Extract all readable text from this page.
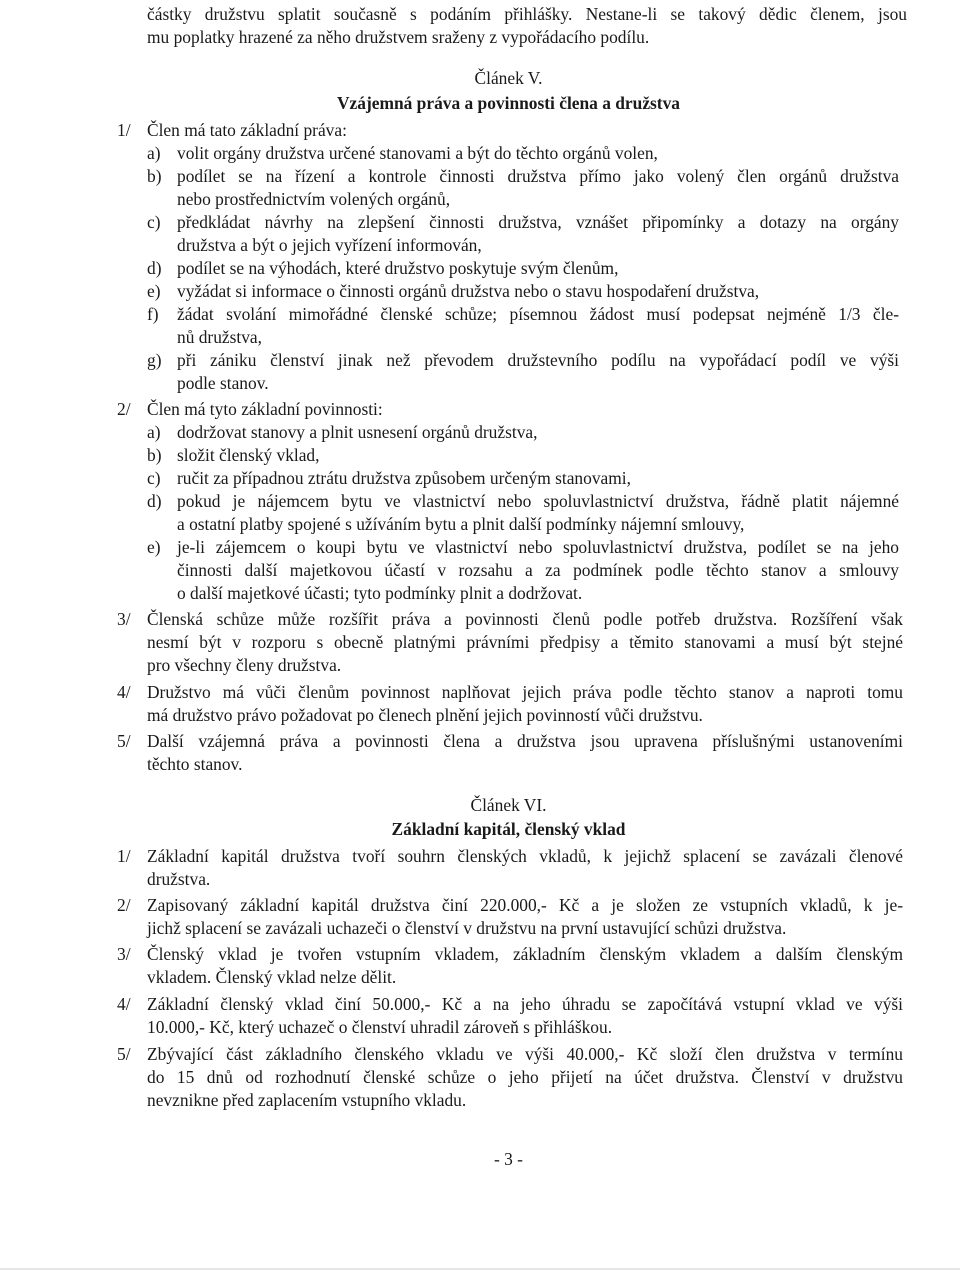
částky družstvu splatit současně s podáním přihlášky. Nestane-li se takový dědic členem, jsou
mu poplatky hrazené za něho družstvem sraženy z vypořádacího podílu.
Článek V.
Vzájemná práva a povinnosti člena a družstva
1/ Člen má tato základní práva:
a) volit orgány družstva určené stanovami a být do těchto orgánů volen,
b) podílet se na řízení a kontrole činnosti družstva přímo jako volený člen orgánů družstva
nebo prostřednictvím volených orgánů,
c) předkládat návrhy na zlepšení činnosti družstva, vznášet připomínky a dotazy na orgány
družstva a být o jejich vyřízení informován,
d) podílet se na výhodách, které družstvo poskytuje svým členům,
e) vyžádat si informace o činnosti orgánů družstva nebo o stavu hospodaření družstva,
f)	žádat svolání mimořádné členské schůze; písemnou žádost musí podepsat nejméně 1/3 čle-
nů družstva,
g) při zániku členství jinak než převodem družstevního podílu na vypořádací podíl ve výši
podle stanov.
2/ Člen má tyto základní povinnosti:
a) dodržovat stanovy a plnit usnesení orgánů družstva,
b) složit členský vklad,
c) ručit za případnou ztrátu družstva způsobem určeným stanovami,
d) pokud je nájemcem bytu ve vlastnictví nebo spoluvlastnictví družstva, řádně platit nájemné
a ostatní platby spojené s užíváním bytu a plnit další podmínky nájemní smlouvy,
e) je-li zájemcem o koupi bytu ve vlastnictví nebo spoluvlastnictví družstva, podílet se na jeho
činnosti další majetkovou účastí v rozsahu a za podmínek podle těchto stanov a smlouvy
o další majetkové účasti; tyto podmínky plnit a dodržovat.
3/ Členská schůze může rozšířit práva a povinnosti členů podle potřeb družstva. Rozšíření však
nesmí být v rozporu s obecně platnými právními předpisy a těmito stanovami a musí být stejné
pro všechny členy družstva.
4/ Družstvo má vůči členům povinnost naplňovat jejich práva podle těchto stanov a naproti tomu
má družstvo právo požadovat po členech plnění jejich povinností vůči družstvu.
5/ Další vzájemná práva a povinnosti člena a družstva jsou upravena příslušnými ustanoveními
těchto stanov.
Článek VI.
Základní kapitál, členský vklad
1/ Základní kapitál družstva tvoří souhrn členských vkladů, k jejichž splacení se zavázali členové
družstva.
2/ Zapisovaný základní kapitál družstva činí 220.000,- Kč a je složen ze vstupních vkladů, k je-
jichž splacení se zavázali uchazeči o členství v družstvu na první ustavující schůzi družstva.
3/ Členský vklad je tvořen vstupním vkladem, základním členským vkladem a dalším členským
vkladem. Členský vklad nelze dělit.
4/ Základní členský vklad činí 50.000,- Kč a na jeho úhradu se započítává vstupní vklad ve výši
10.000,- Kč, který uchazeč o členství uhradil zároveň s přihláškou.
5/ Zbývající část základního členského vkladu ve výši 40.000,- Kč složí člen družstva v termínu
do 15 dnů od rozhodnutí členské schůze o jeho přijetí na účet družstva. Členství v družstvu
nevznikne před zaplacením vstupního vkladu.
- 3 -
